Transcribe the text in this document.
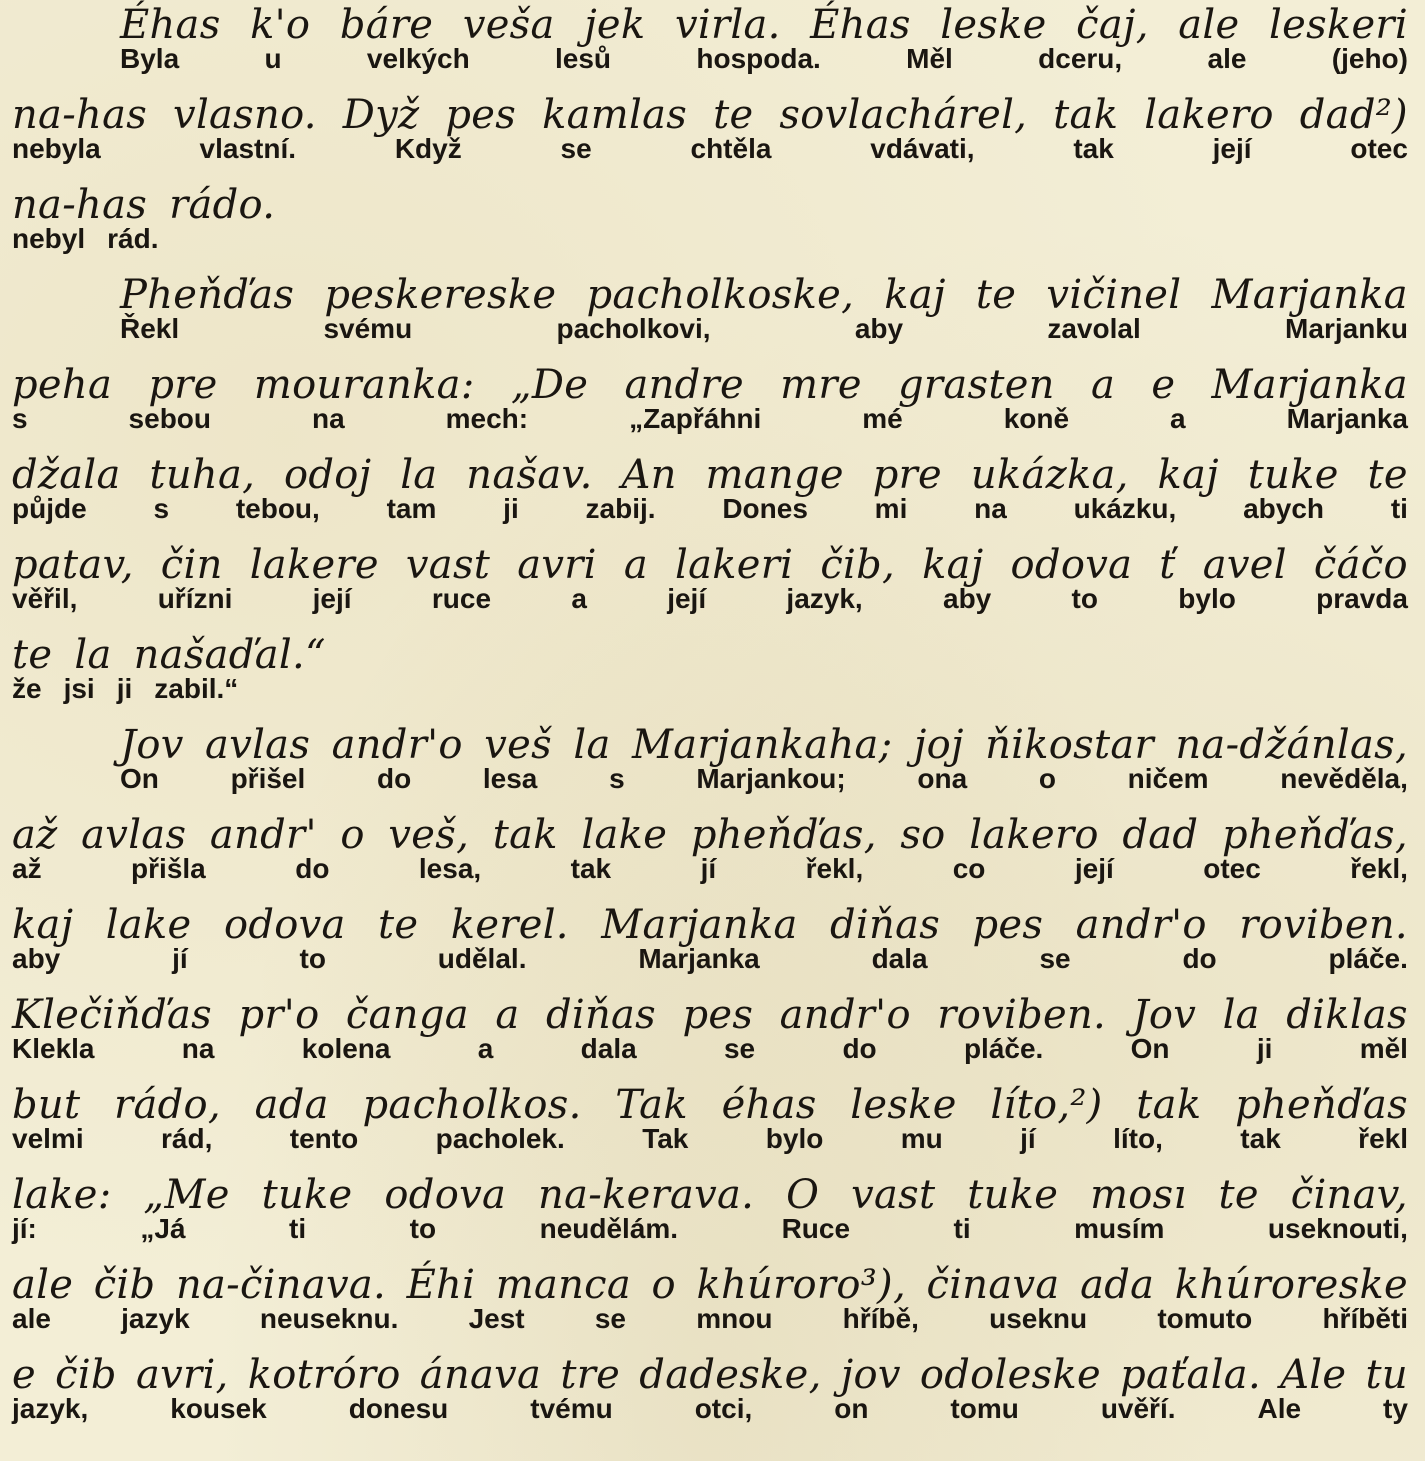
Éhas k'o báre veša jek virla. Éhas leske čaj, ale leskeri
Byla	u	velkých	lesů	hospoda.	Měl	dceru,	ale	(jeho)
na-has vlasno. Dyž pes kamlas te sovlachárel, tak lakero dad²)
nebyla	vlastní.	Když	se	chtěla	vdávati,	tak	její	otec
na-has rádo.
nebyl rád.
Pheňďas peskereske pacholkoske, kaj te vičinel Marjanka
Řekl	svému	pacholkovi,	aby	zavolal	Marjanku
peha pre mouranka: „De andre mre grasten a e Marjanka
s	sebou	na	mech:	„Zapřáhni	mé	koně	a	Marjanka
džala tuha, odoj la našav. An mange pre ukázka, kaj tuke te
půjde s tebou, tam ji zabij. Dones mi na ukázku, abych ti
patav, čin lakere vast avri a lakeri čib, kaj odova ť avel čáčo
věřil,	uřízni	její	ruce	a	její	jazyk,	aby	to	bylo	pravda
te la našaďal.“
že jsi ji zabil.“
Jov avlas andr'o veš la Marjankaha; joj ňikostar na-džánlas,
On	přišel	do	lesa	s	Marjankou;	ona	o	ničem	nevěděla,
až avlas andr' o veš, tak lake pheňďas, so lakero dad pheňďas,
až	přišla	do	lesa,	tak	jí	řekl,	co	její	otec	řekl,
kaj lake odova te kerel. Marjanka diňas pes andr'o roviben.
aby	jí	to	udělal.	Marjanka	dala	se	do	pláče.
Klečiňďas pr'o čanga a diňas pes andr'o roviben. Jov la diklas
Klekla	na	kolena	a	dala	se	do	pláče.	On	ji	měl
but rádo, ada pacholkos. Tak éhas leske líto,²) tak pheňďas
velmi	rád,	tento	pacholek.	Tak	bylo	mu	jí	líto,	tak	řekl
lake: „Me tuke odova na-kerava. O vast tuke mosı te činav,
jí:	„Já	ti	to	neudělám.	Ruce	ti	musím	useknouti,
ale čib na-činava. Éhi manca o khúroro³), činava ada khúroreske
ale	jazyk	neuseknu.	Jest	se	mnou	hříbě,	useknu	tomuto	hříběti
e čib avri, kotróro ánava tre dadeske, jov odoleske paťala. Ale tu
jazyk,	kousek	donesu	tvému	otci,	on	tomu	uvěří.	Ale	ty
